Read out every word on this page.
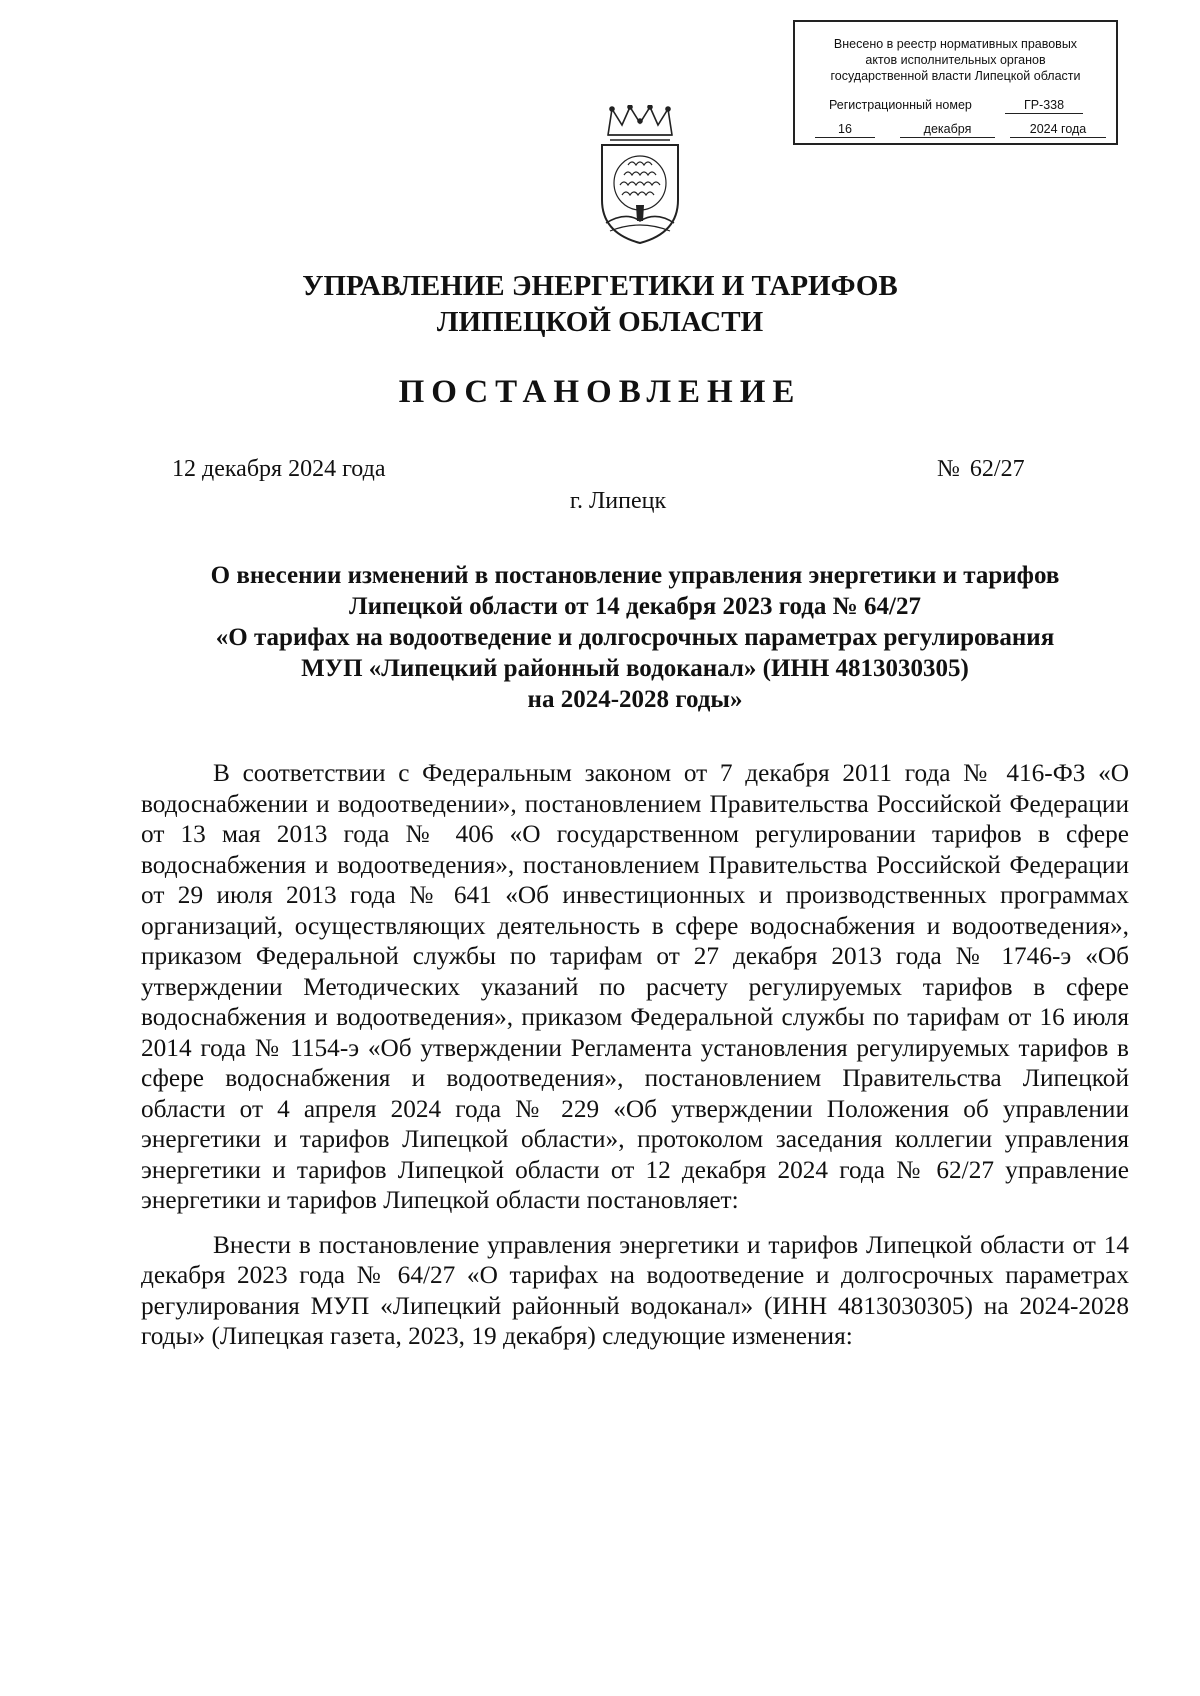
Внесено в реестр нормативных правовых
актов исполнительных органов
государственной власти Липецкой области
Регистрационный номер	ГР-338
16	декабря	2024 года
УПРАВЛЕНИЕ ЭНЕРГЕТИКИ И ТАРИФОВ
ЛИПЕЦКОЙ ОБЛАСТИ
ПОСТАНОВЛЕНИЕ
12 декабря 2024 года	№ 62/27
г. Липецк
О внесении изменений в постановление управления энергетики и тарифов
Липецкой области от 14 декабря 2023 года № 64/27
«О тарифах на водоотведение и долгосрочных параметрах регулирования
МУП «Липецкий районный водоканал» (ИНН 4813030305)
на 2024-2028 годы»

В соответствии с Федеральным законом от 7 декабря 2011 года № 416-ФЗ «О водоснабжении и водоотведении», постановлением Правительства Российской Федерации от 13 мая 2013 года № 406 «О государственном регулировании тарифов в сфере водоснабжения и водоотведения», постановлением Правительства Российской Федерации от 29 июля 2013 года № 641 «Об инвестиционных и производственных программах организаций, осуществляющих деятельность в сфере водоснабжения и водоотведения», приказом Федеральной службы по тарифам от 27 декабря 2013 года № 1746-э «Об утверждении Методических указаний по расчету регулируемых тарифов в сфере водоснабжения и водоотведения», приказом Федеральной службы по тарифам от 16 июля 2014 года № 1154-э «Об утверждении Регламента установления регулируемых тарифов в сфере водоснабжения и водоотведения», постановлением Правительства Липецкой области от 4 апреля 2024 года № 229 «Об утверждении Положения об управлении энергетики и тарифов Липецкой области», протоколом заседания коллегии управления энергетики и тарифов Липецкой области от 12 декабря 2024 года № 62/27 управление энергетики и тарифов Липецкой области постановляет:

Внести в постановление управления энергетики и тарифов Липецкой области от 14 декабря 2023 года № 64/27 «О тарифах на водоотведение и долгосрочных параметрах регулирования МУП «Липецкий районный водоканал» (ИНН 4813030305) на 2024-2028 годы» (Липецкая газета, 2023, 19 декабря) следующие изменения:
